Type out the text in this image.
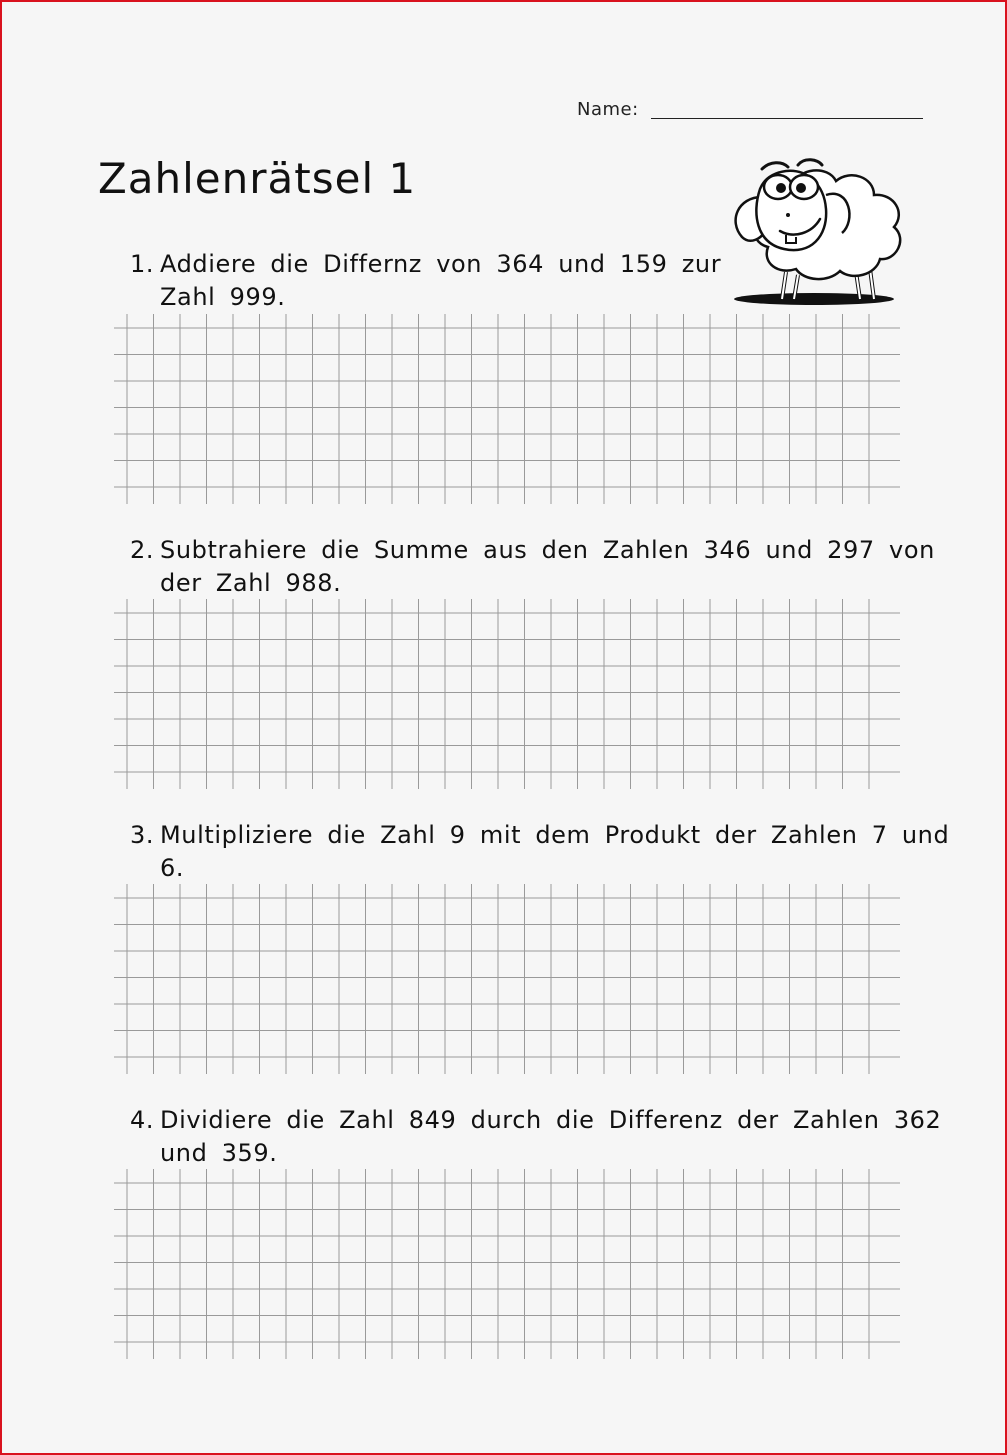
Name:
Zahlenrätsel 1
1. Addiere die Differnz von 364 und 159 zur
Zahl 999.
2. Subtrahiere die Summe aus den Zahlen 346 und 297 von
der Zahl 988.
3. Multipliziere die Zahl 9 mit dem Produkt der Zahlen 7 und
6.
4. Dividiere die Zahl 849 durch die Differenz der Zahlen 362
und 359.
